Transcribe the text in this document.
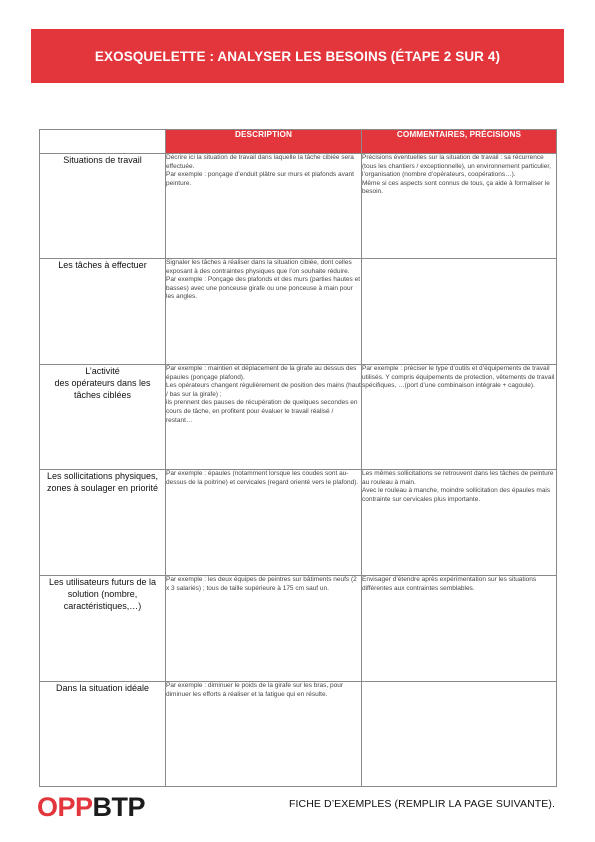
EXOSQUELETTE : ANALYSER LES BESOINS (ÉTAPE 2 SUR 4)
	DESCRIPTION	COMMENTAIRES, PRÉCISIONS
Situations de travail	Décrire ici la situation de travail dans laquelle la tâche cibiée sera effectuée.
Par exemple : ponçage d’enduit plâtre sur murs et plafonds avant peinture.	Précisions éventuelles sur la situation de travail : sa récurrence (tous les chantiers / exceptionnelle), un environnement particulier, l’organisation (nombre d’opérateurs, coopérations…).
Même si ces aspects sont connus de tous, ça aide à formaliser le besoin.

Les tâches à effectuer	Signaler les tâches à réaliser dans la situation cibiée, dont celles exposant à des contraintes physiques que l’on souhaite réduire.
Par exemple : Ponçage des plafonds et des murs (parties hautes et basses) avec une ponceuse girafe ou une ponceuse à main pour les angles.	

L’activité
des opérateurs dans les tâches ciblées	Par exemple : maintien et déplacement de la girafe au dessus des épaules (ponçage plafond).
Les opérateurs changent régulièrement de position des mains (haut / bas sur la girafe) ;
ils prennent des pauses de récupération de quelques secondes en cours de tâche, en profitent pour évaluer le travail réalisé / restant…	Par exemple : préciser le type d’outils et d’équipements de travail utilisés. Y compris équipements de protection, vêtements de travail spécifiques, …(port d’une combinaison intégrale + cagoule).

Les sollicitations physiques, zones à soulager en priorité	Par exemple : épaules (notamment lorsque les coudes sont au-dessus de la poitrine) et cervicales (regard orienté vers le plafond).	Les mêmes sollicitations se retrouvent dans les tâches de peinture au rouleau à main.
Avec le rouleau à manche, moindre sollicitation des épaules mais contrainte sur cervicales plus importante.

Les utilisateurs futurs de la solution (nombre, caractéristiques,…)	Par exemple : les deux équipes de peintres sur bâtiments neufs (2 x 3 salariés) ; tous de taille supérieure à 175 cm sauf un.	Envisager d’étendre après expérimentation sur les situations différentes aux contraintes semblables.

Dans la situation idéale	Par exemple : diminuer le poids de la girafe sur les bras, pour diminuer les efforts à réaliser et la fatigue qui en résulte.	

OPP BTP	FICHE D’EXEMPLES (REMPLIR LA PAGE SUIVANTE).
